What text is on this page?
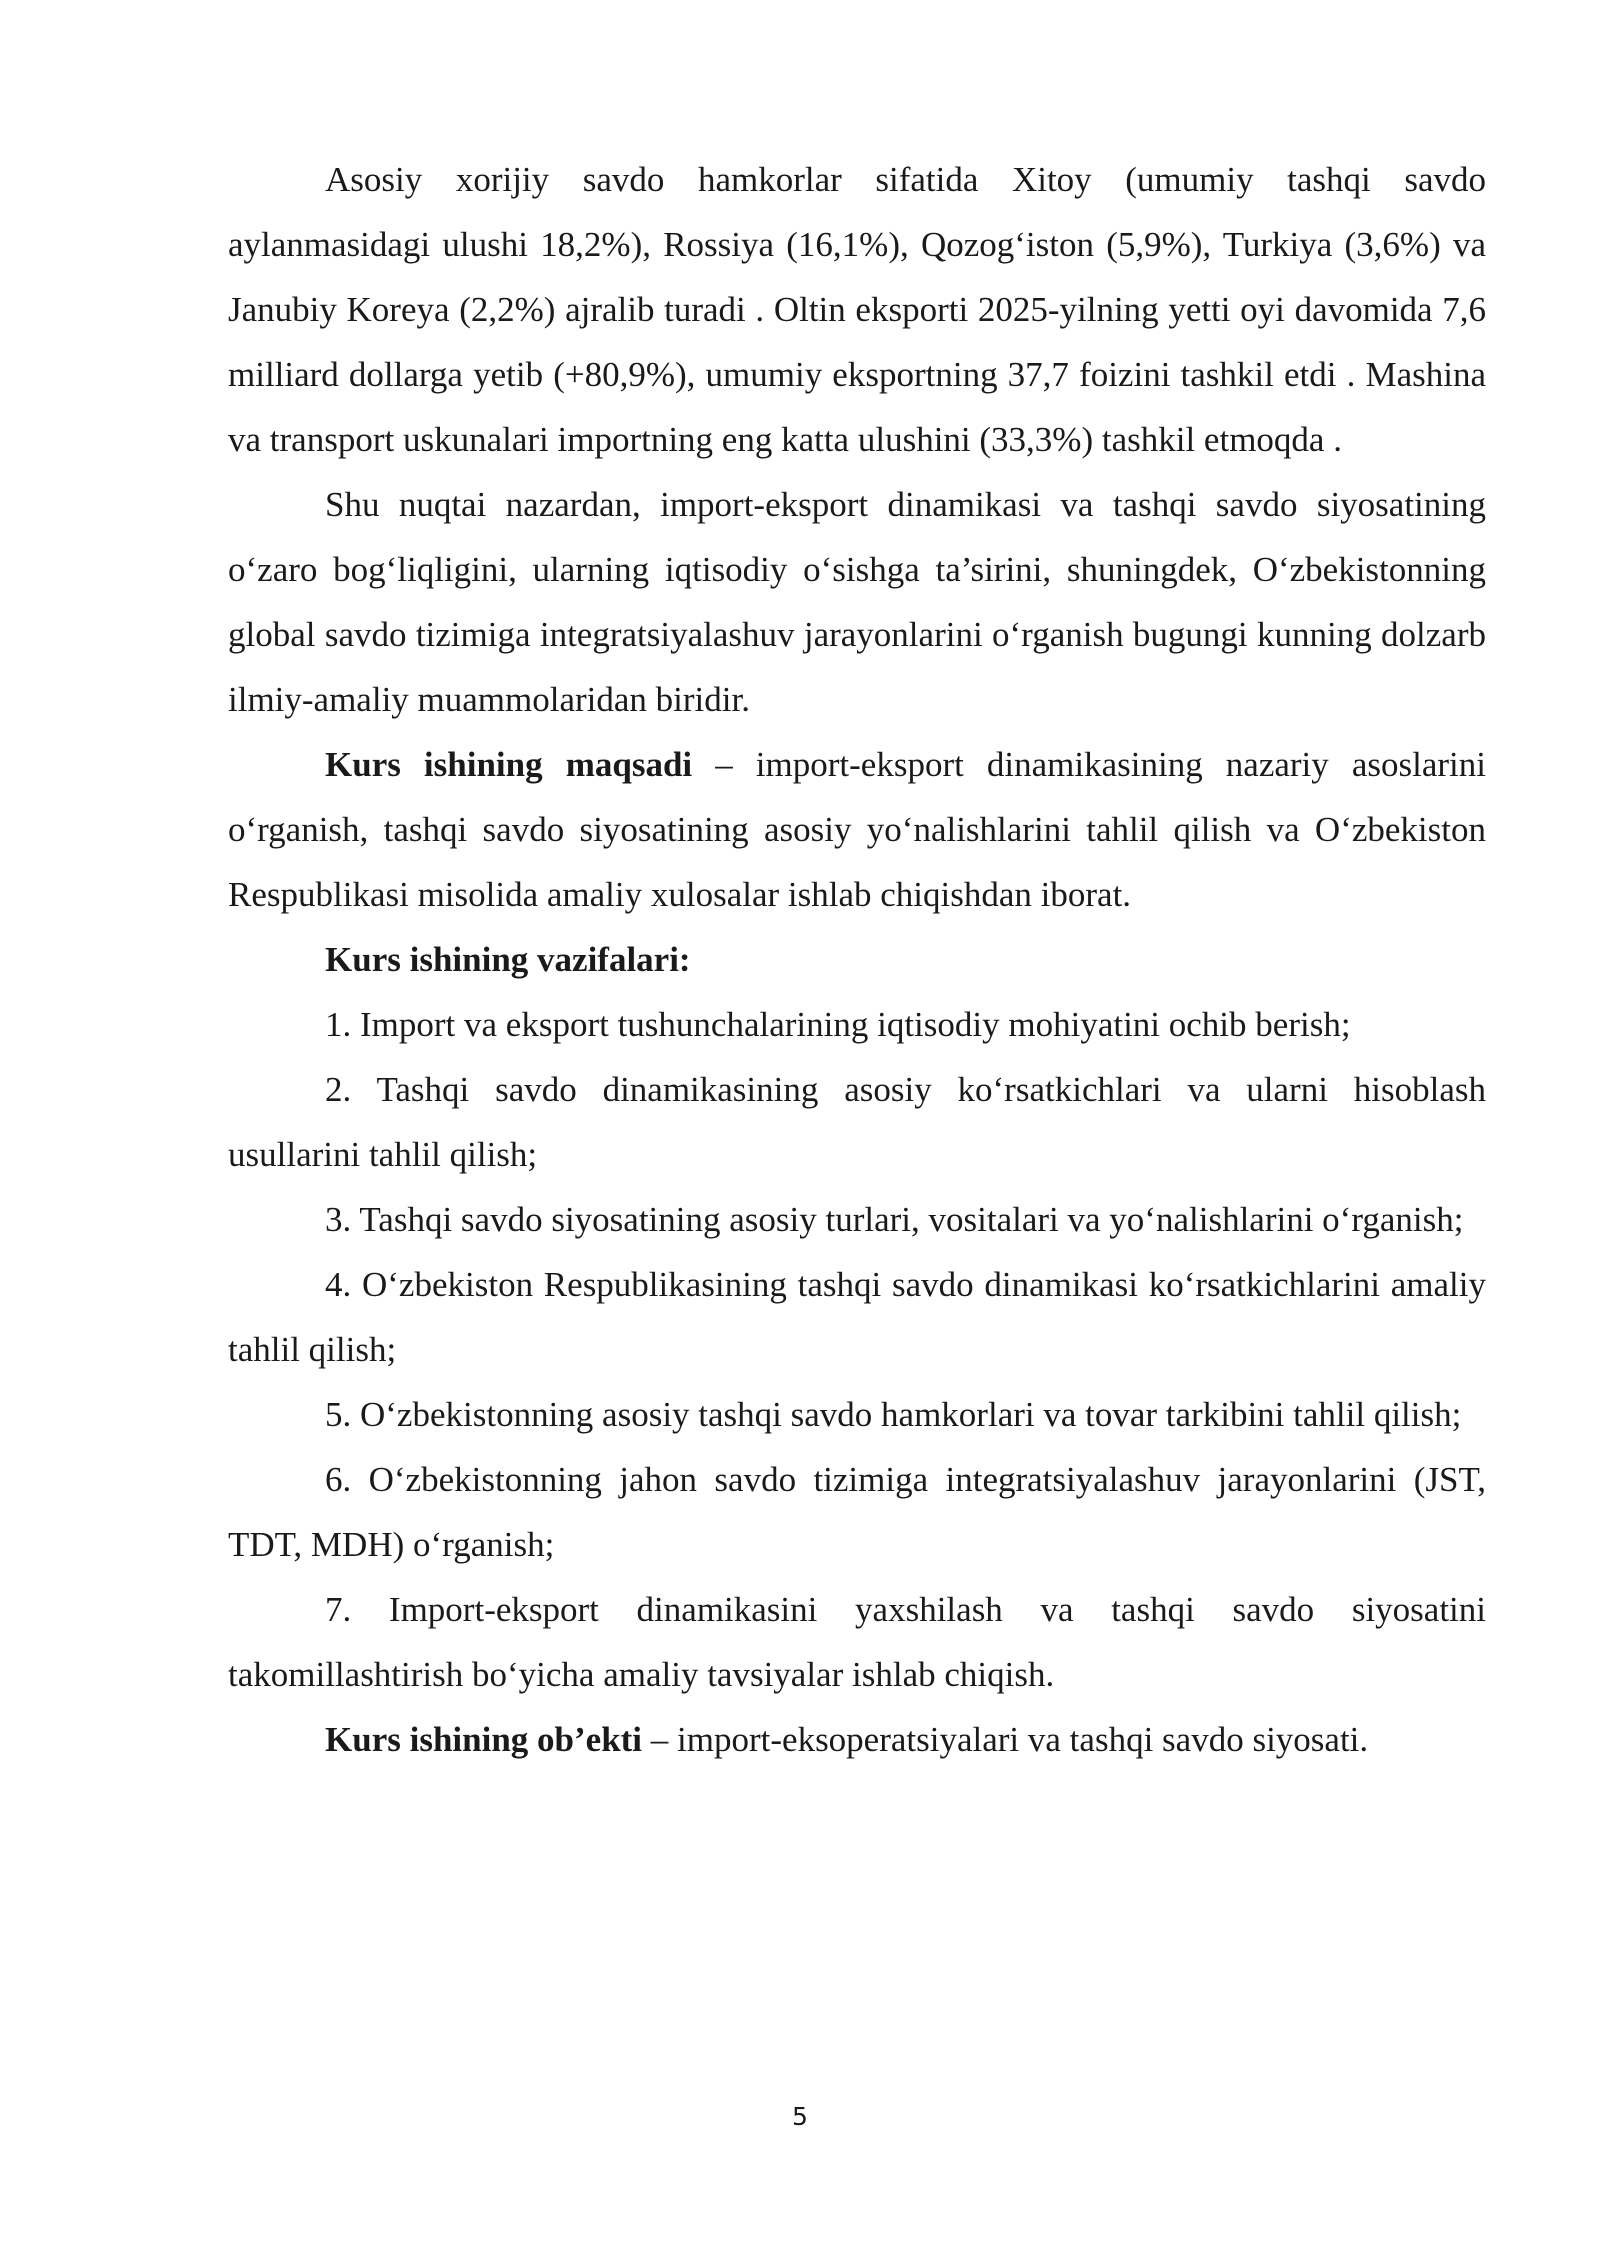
Asosiy xorijiy savdo hamkorlar sifatida Xitoy (umumiy tashqi savdo aylanmasidagi ulushi 18,2%), Rossiya (16,1%), Qozog‘iston (5,9%), Turkiya (3,6%) va Janubiy Koreya (2,2%) ajralib turadi . Oltin eksporti 2025-yilning yetti oyi davomida 7,6 milliard dollarga yetib (+80,9%), umumiy eksportning 37,7 foizini tashkil etdi . Mashina va transport uskunalari importning eng katta ulushini (33,3%) tashkil etmoqda .

Shu nuqtai nazardan, import-eksport dinamikasi va tashqi savdo siyosatining o‘zaro bog‘liqligini, ularning iqtisodiy o‘sishga ta’sirini, shuningdek, O‘zbekistonning global savdo tizimiga integratsiyalashuv jarayonlarini o‘rganish bugungi kunning dolzarb ilmiy-amaliy muammolaridan biridir.

Kurs ishining maqsadi – import-eksport dinamikasining nazariy asoslarini o‘rganish, tashqi savdo siyosatining asosiy yo‘nalishlarini tahlil qilish va O‘zbekiston Respublikasi misolida amaliy xulosalar ishlab chiqishdan iborat.

Kurs ishining vazifalari:

1. Import va eksport tushunchalarining iqtisodiy mohiyatini ochib berish;

2. Tashqi savdo dinamikasining asosiy ko‘rsatkichlari va ularni hisoblash usullarini tahlil qilish;

3. Tashqi savdo siyosatining asosiy turlari, vositalari va yo‘nalishlarini o‘rganish;

4. O‘zbekiston Respublikasining tashqi savdo dinamikasi ko‘rsatkichlarini amaliy tahlil qilish;

5. O‘zbekistonning asosiy tashqi savdo hamkorlari va tovar tarkibini tahlil qilish;

6. O‘zbekistonning jahon savdo tizimiga integratsiyalashuv jarayonlarini (JST, TDT, MDH) o‘rganish;

7. Import-eksport dinamikasini yaxshilash va tashqi savdo siyosatini takomillashtirish bo‘yicha amaliy tavsiyalar ishlab chiqish.

Kurs ishining ob’ekti – import-eksoperatsiyalari va tashqi savdo siyosati.

5
